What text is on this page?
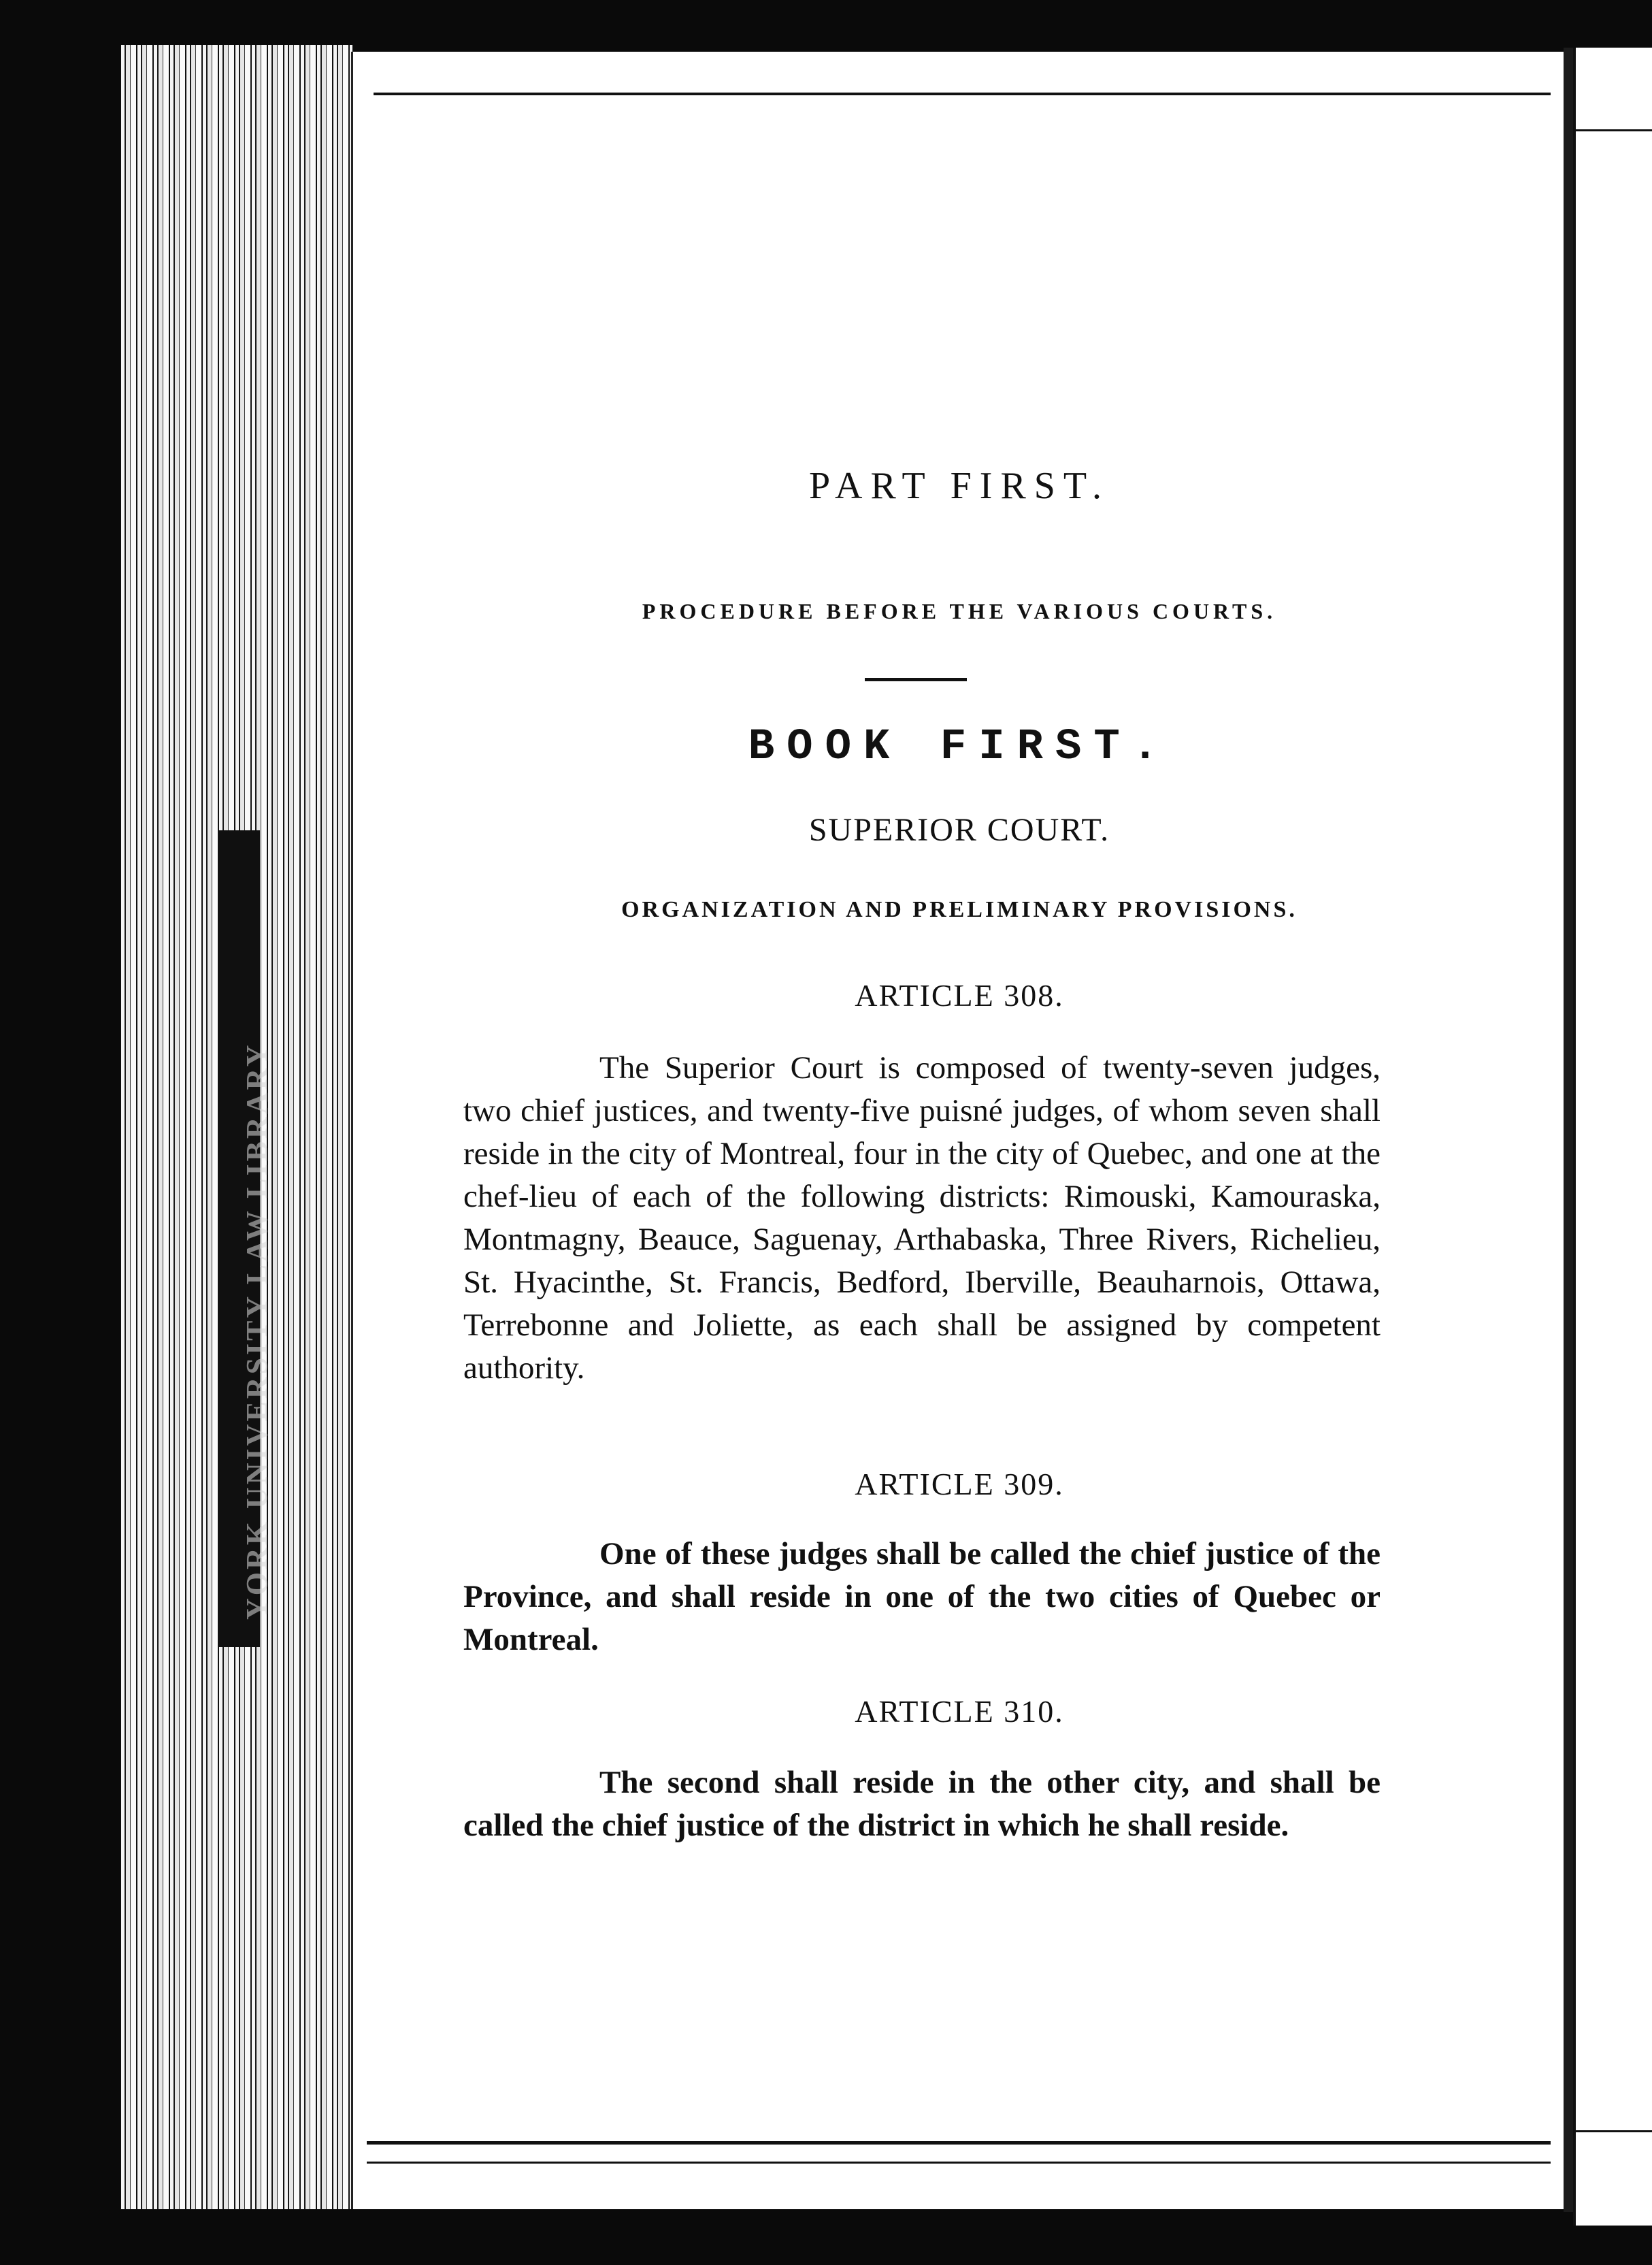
YORK UNIVERSITY LAW LIBRARY
PART FIRST.
PROCEDURE BEFORE THE VARIOUS COURTS.
BOOK FIRST.
SUPERIOR COURT.
ORGANIZATION AND PRELIMINARY PROVISIONS.
ARTICLE 308.
The Superior Court is composed of twenty-seven judges, two chief justices, and twenty-five puisné judges, of whom seven shall reside in the city of Montreal, four in the city of Quebec, and one at the chef-lieu of each of the following districts: Rimouski, Kamouraska, Montmagny, Beauce, Saguenay, Arthabaska, Three Rivers, Richelieu, St. Hyacinthe, St. Francis, Bedford, Iberville, Beauharnois, Ottawa, Terrebonne and Joliette, as each shall be assigned by competent authority.
ARTICLE 309.
One of these judges shall be called the chief justice of the Province, and shall reside in one of the two cities of Quebec or Montreal.
ARTICLE 310.
The second shall reside in the other city, and shall be called the chief justice of the district in which he shall reside.
